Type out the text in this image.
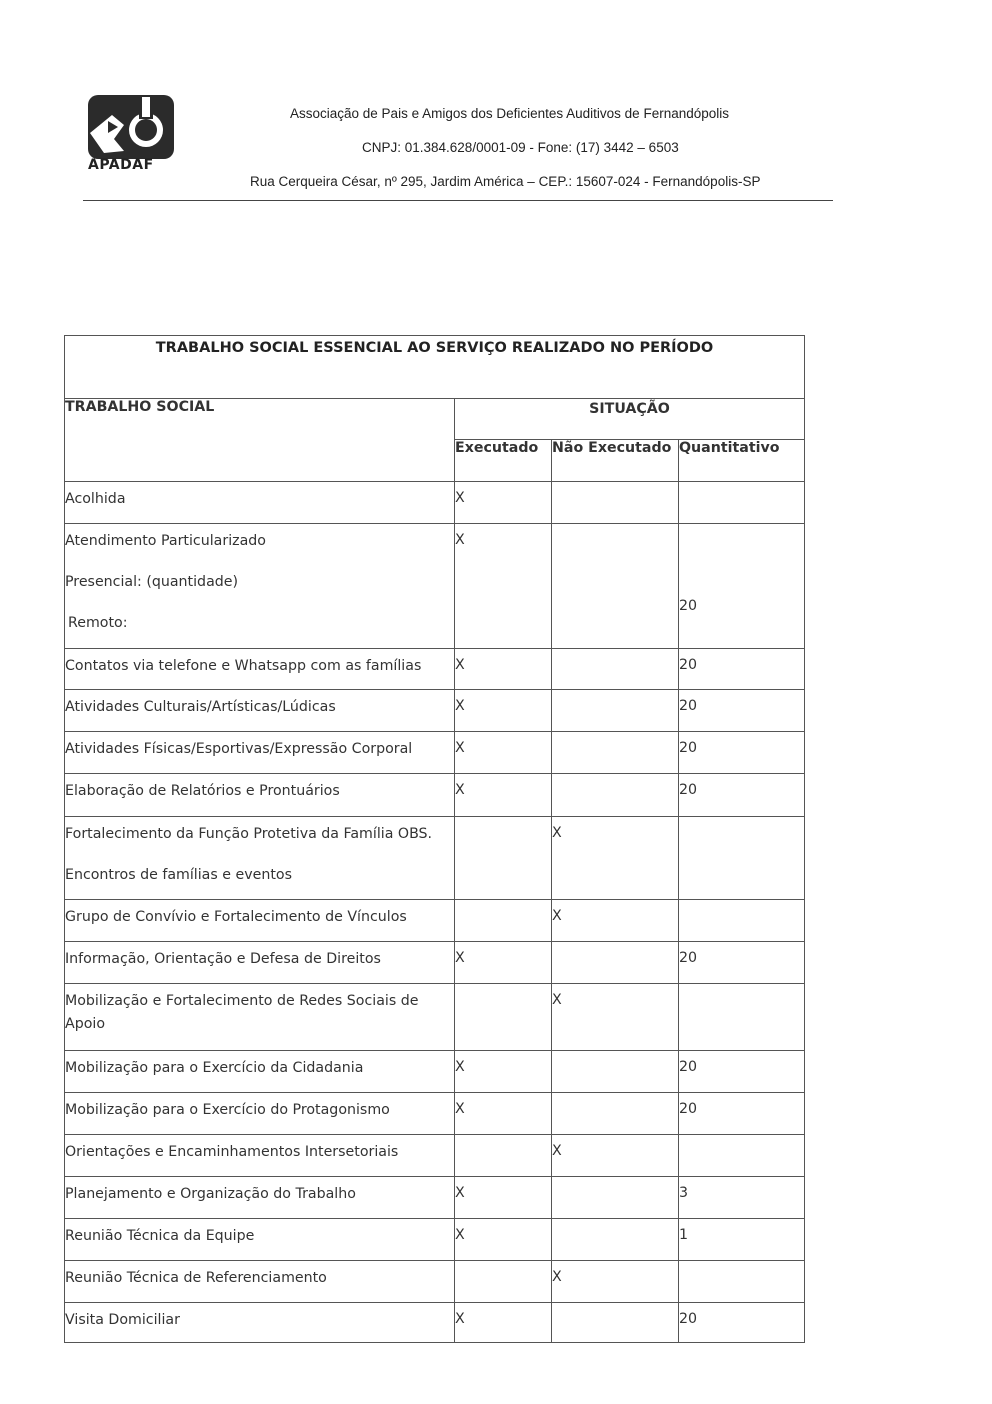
APADAF
Associação de Pais e Amigos dos Deficientes Auditivos de Fernandópolis
CNPJ: 01.384.628/0001-09 - Fone: (17) 3442 – 6503
Rua Cerqueira César, nº 295, Jardim América – CEP.: 15607-024 - Fernandópolis-SP
TRABALHO SOCIAL ESSENCIAL AO SERVIÇO REALIZADO NO PERÍODO			
TRABALHO SOCIAL	SITUAÇÃO		
	Executado	Não Executado	Quantitativo
Acolhida	X		

Atendimento Particularizado
Presencial: (quantidade)
Remoto:	X		20
Contatos via telefone e Whatsapp com as famílias	X		20
Atividades Culturais/Artísticas/Lúdicas	X		20
Atividades Físicas/Esportivas/Expressão Corporal	X		20
Elaboração de Relatórios e Prontuários	X		20

Fortalecimento da Função Protetiva da Família OBS.
Encontros de famílias e eventos		X	
Grupo de Convívio e Fortalecimento de Vínculos		X	
Informação, Orientação e Defesa de Direitos	X		20
Mobilização e Fortalecimento de Redes Sociais de Apoio		X	
Mobilização para o Exercício da Cidadania	X		20
Mobilização para o Exercício do Protagonismo	X		20
Orientações e Encaminhamentos Intersetoriais		X	
Planejamento e Organização do Trabalho	X		3
Reunião Técnica da Equipe	X		1
Reunião Técnica de Referenciamento		X	
Visita Domiciliar	X		20
